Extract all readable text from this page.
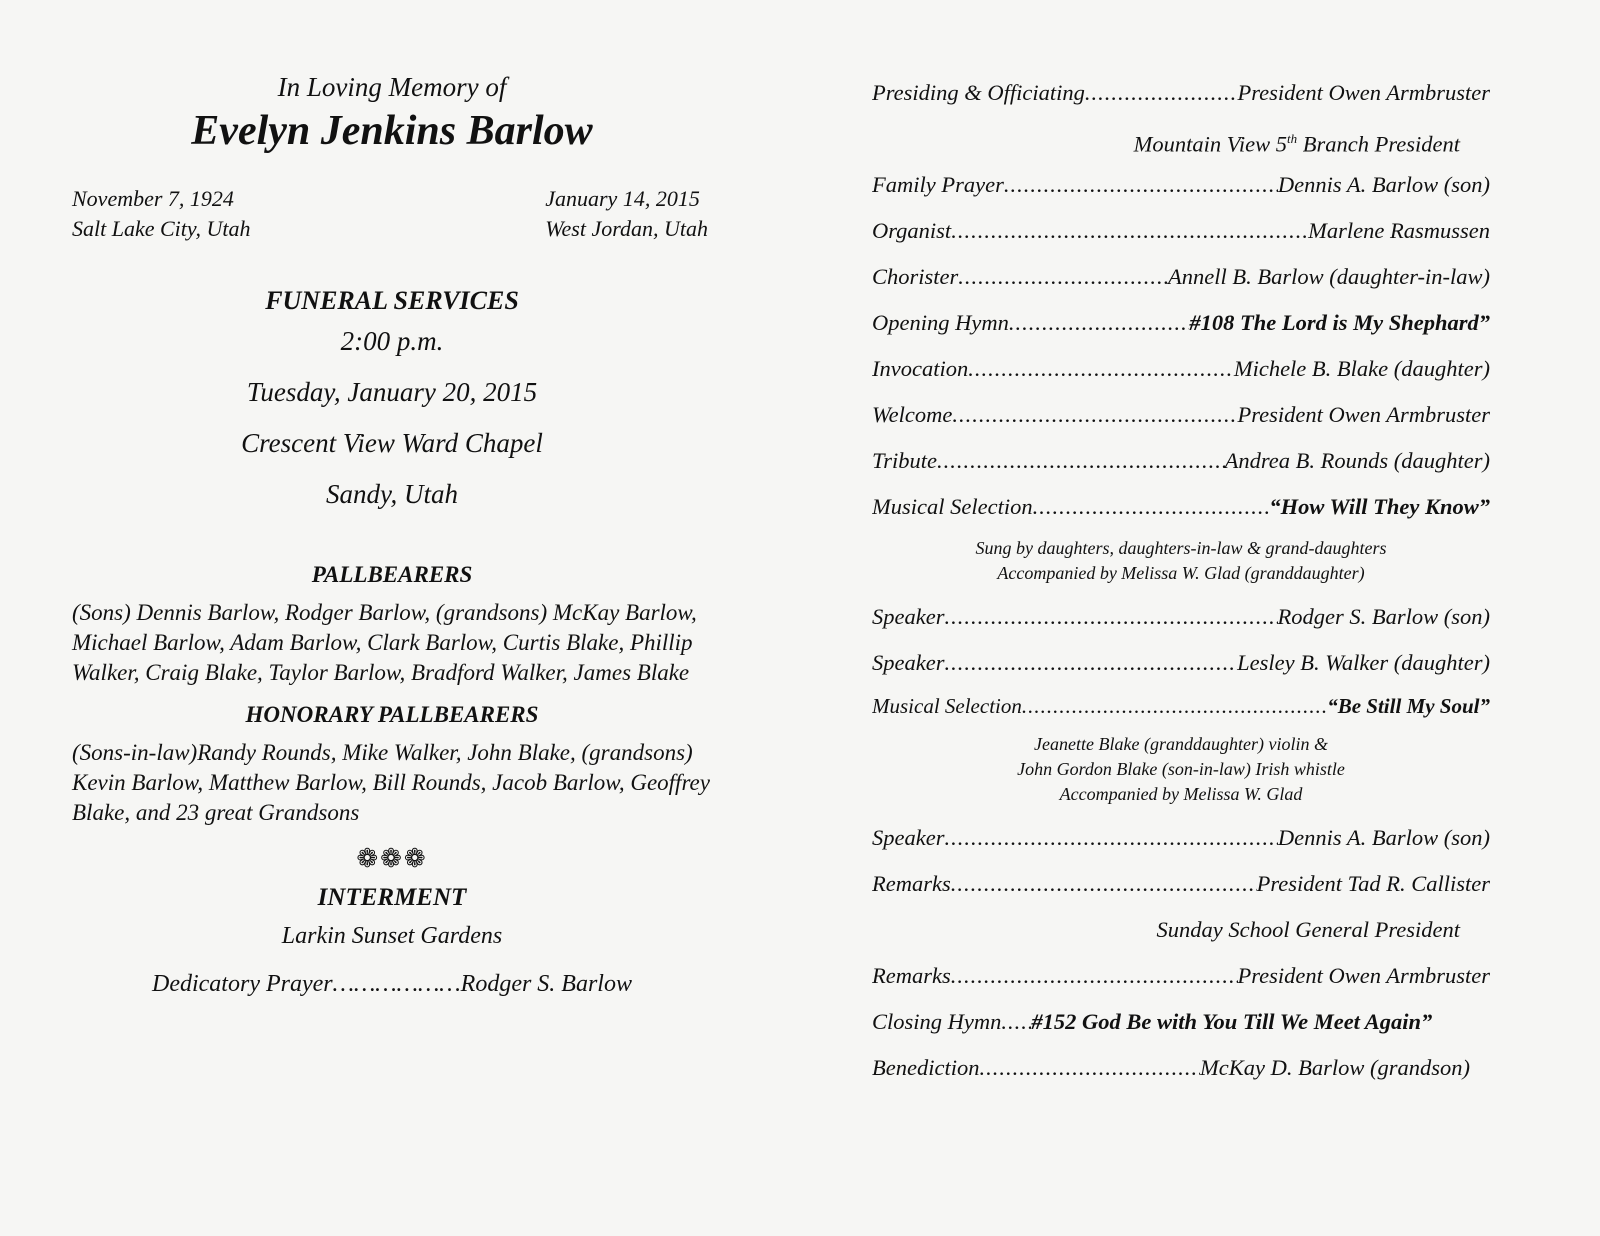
In Loving Memory of

Evelyn Jenkins Barlow

November 7, 1924
Salt Lake City, Utah
January 14, 2015
West Jordan, Utah

FUNERAL SERVICES

2:00 p.m.

Tuesday, January 20, 2015

Crescent View Ward Chapel

Sandy, Utah

PALLBEARERS

(Sons) Dennis Barlow, Rodger Barlow, (grandsons) McKay Barlow, Michael Barlow, Adam Barlow, Clark Barlow, Curtis Blake, Phillip Walker, Craig Blake, Taylor Barlow, Bradford Walker, James Blake

HONORARY PALLBEARERS

(Sons-in-law)Randy Rounds, Mike Walker, John Blake, (grandsons) Kevin Barlow, Matthew Barlow, Bill Rounds, Jacob Barlow, Geoffrey Blake, and 23 great Grandsons

❁❁❁

INTERMENT

Larkin Sunset Gardens

Dedicatory Prayer………………Rodger S. Barlow

Presiding & Officiating .....	President Owen Armbruster
Mountain View 5th Branch President
Family Prayer .....	Dennis A. Barlow (son)
Organist .....	Marlene Rasmussen
Chorister .....	Annell B. Barlow (daughter-in-law)
Opening Hymn .....	#108 The Lord is My Shephard”
Invocation .....	Michele B. Blake (daughter)
Welcome .....	President Owen Armbruster
Tribute .....	Andrea B. Rounds (daughter)
Musical Selection .....	“How Will They Know”
Sung by daughters, daughters-in-law & grand-daughters
Accompanied by Melissa W. Glad (granddaughter)
Speaker .....	Rodger S. Barlow (son)
Speaker .....	Lesley B. Walker (daughter)
Musical Selection .....	“Be Still My Soul”
Jeanette Blake (granddaughter) violin &
John Gordon Blake (son-in-law) Irish whistle
Accompanied by Melissa W. Glad
Speaker .....	Dennis A. Barlow (son)
Remarks .....	President Tad R. Callister
Sunday School General President
Remarks .....	President Owen Armbruster
Closing Hymn ..... #152 God Be with You Till We Meet Again”
Benediction .....	McKay D. Barlow (grandson)
